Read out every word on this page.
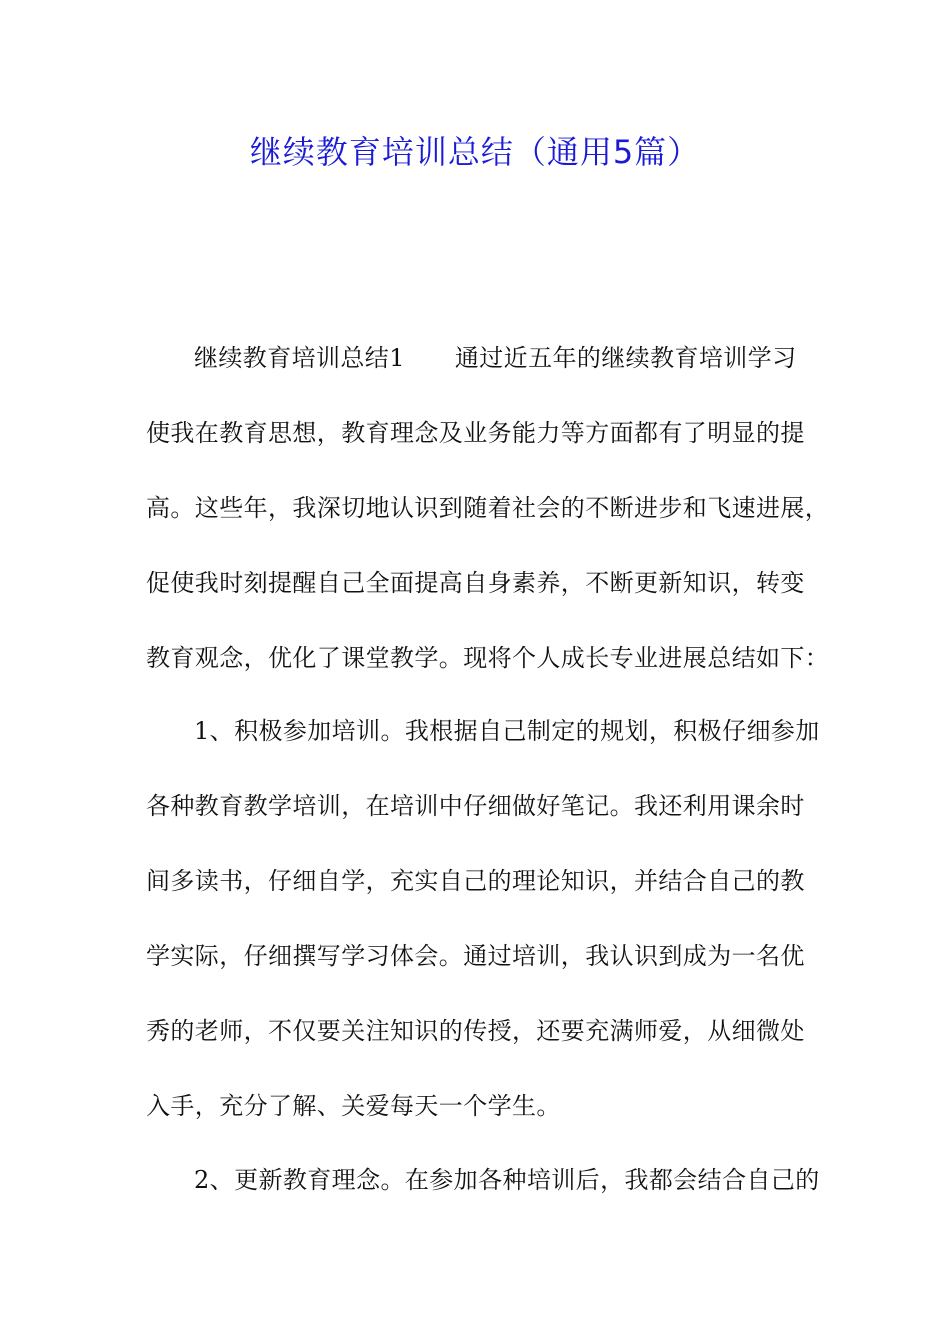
继续教育培训总结（通用5篇）
继续教育培训总结1 通过近五年的继续教育培训学习
使我在教育思想，教育理念及业务能力等方面都有了明显的提
高。这些年，我深切地认识到随着社会的不断进步和飞速进展，
促使我时刻提醒自己全面提高自身素养，不断更新知识，转变
教育观念，优化了课堂教学。现将个人成长专业进展总结如下：
1、积极参加培训。我根据自己制定的规划，积极仔细参加
各种教育教学培训，在培训中仔细做好笔记。我还利用课余时
间多读书，仔细自学，充实自己的理论知识，并结合自己的教
学实际，仔细撰写学习体会。通过培训，我认识到成为一名优
秀的老师，不仅要关注知识的传授，还要充满师爱，从细微处
入手，充分了解、关爱每天一个学生。
2、更新教育理念。在参加各种培训后，我都会结合自己的
